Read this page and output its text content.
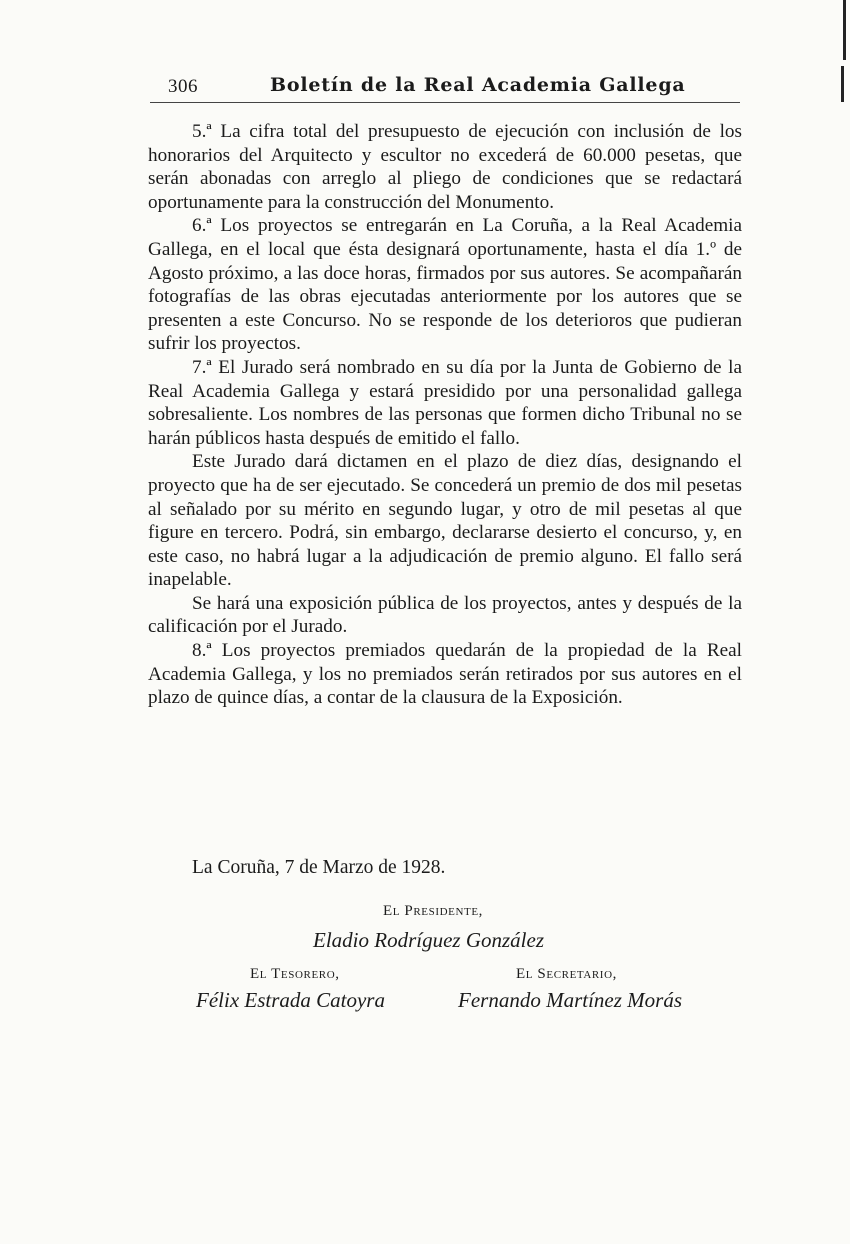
306	Boletín de la Real Academia Gallega

5.ª La cifra total del presupuesto de ejecución con inclusión de los honorarios del Arquitecto y escultor no excederá de 60.000 pesetas, que serán abonadas con arreglo al pliego de condiciones que se redactará oportunamente para la construcción del Monumento.

6.ª Los proyectos se entregarán en La Coruña, a la Real Academia Gallega, en el local que ésta designará oportunamente, hasta el día 1.º de Agosto próximo, a las doce horas, firmados por sus autores. Se acompañarán fotografías de las obras ejecutadas anteriormente por los autores que se presenten a este Concurso. No se responde de los deterioros que pudieran sufrir los proyectos.

7.ª El Jurado será nombrado en su día por la Junta de Gobierno de la Real Academia Gallega y estará presidido por una personalidad gallega sobresaliente. Los nombres de las personas que formen dicho Tribunal no se harán públicos hasta después de emitido el fallo.

Este Jurado dará dictamen en el plazo de diez días, designando el proyecto que ha de ser ejecutado. Se concederá un premio de dos mil pesetas al señalado por su mérito en segundo lugar, y otro de mil pesetas al que figure en tercero. Podrá, sin embargo, declararse desierto el concurso, y, en este caso, no habrá lugar a la adjudicación de premio alguno. El fallo será inapelable.

Se hará una exposición pública de los proyectos, antes y después de la calificación por el Jurado.

8.ª Los proyectos premiados quedarán de la propiedad de la Real Academia Gallega, y los no premiados serán retirados por sus autores en el plazo de quince días, a contar de la clausura de la Exposición.

La Coruña, 7 de Marzo de 1928.
El Presidente,
Eladio Rodríguez González
El Tesorero,
Félix Estrada Catoyra
El Secretario,
Fernando Martínez Morás
